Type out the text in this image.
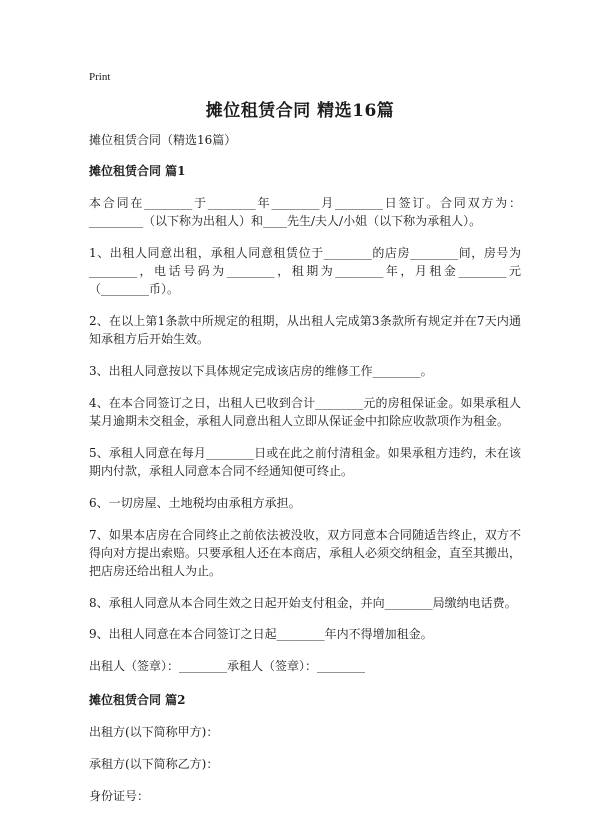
Print
摊位租赁合同 精选16篇
摊位租赁合同（精选16篇）
摊位租赁合同 篇1
本合同在________于________年________月________日签订。合同双方为：_________（以下称为出租人）和____先生/夫人/小姐（以下称为承租人）。
1、出租人同意出租，承租人同意租赁位于________的店房________间，房号为________，电话号码为________，租期为________年，月租金________元（________币）。
2、在以上第1条款中所规定的租期，从出租人完成第3条款所有规定并在7天内通知承租方后开始生效。
3、出租人同意按以下具体规定完成该店房的维修工作________。
4、在本合同签订之日，出租人已收到合计________元的房租保证金。如果承租人某月逾期未交租金，承租人同意出租人立即从保证金中扣除应收款项作为租金。
5、承租人同意在每月________日或在此之前付清租金。如果承租方违约，未在该期内付款，承租人同意本合同不经通知便可终止。
6、一切房屋、土地税均由承租方承担。
7、如果本店房在合同终止之前依法被没收，双方同意本合同随适告终止，双方不得向对方提出索赔。只要承租人还在本商店，承租人必须交纳租金，直至其搬出，把店房还给出租人为止。
8、承租人同意从本合同生效之日起开始支付租金，并向________局缴纳电话费。
9、出租人同意在本合同签订之日起________年内不得增加租金。
出租人（签章）：________承租人（签章）：________
摊位租赁合同 篇2
出租方(以下简称甲方)：
承租方(以下简称乙方)：
身份证号：
